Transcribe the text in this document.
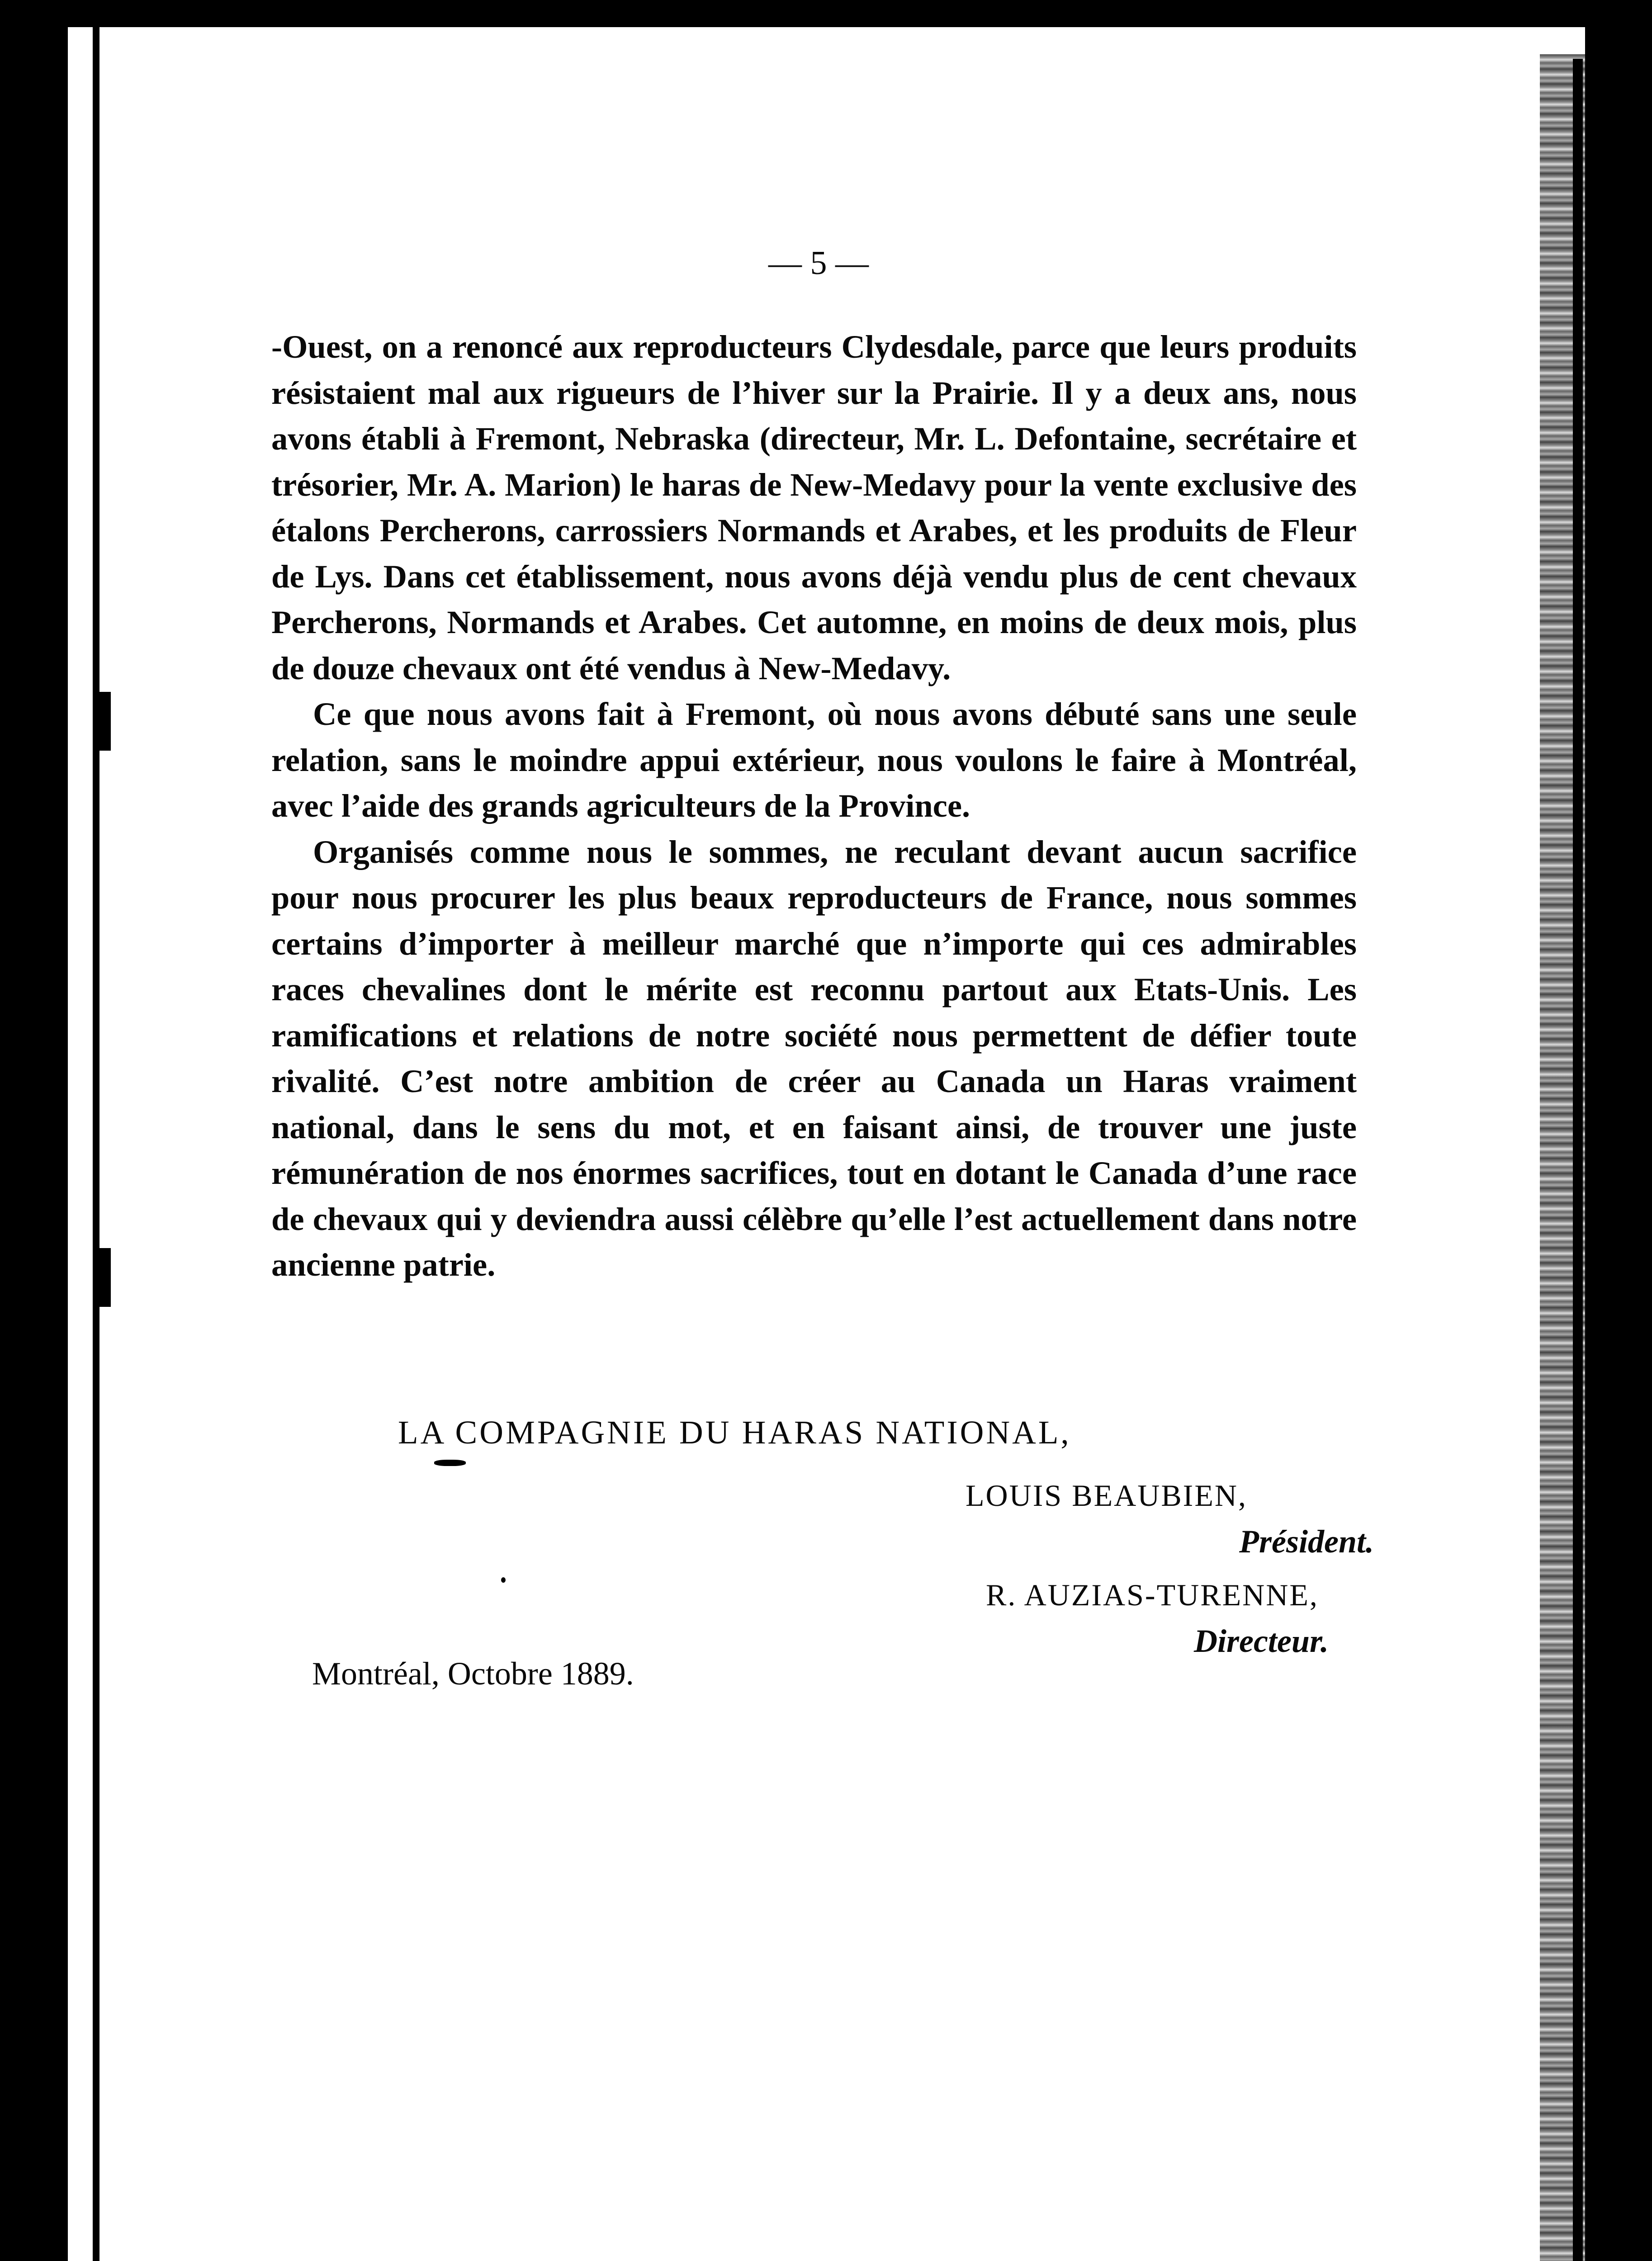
— 5 —

-Ouest, on a renoncé aux reproducteurs Clydesdale, parce que leurs produits résistaient mal aux rigueurs de l’hiver sur la Prairie. Il y a deux ans, nous avons établi à Fremont, Nebraska (directeur, Mr. L. Defontaine, secrétaire et trésorier, Mr. A. Marion) le haras de New-Medavy pour la vente exclusive des étalons Percherons, carrossiers Normands et Arabes, et les produits de Fleur de Lys. Dans cet établissement, nous avons déjà vendu plus de cent chevaux Percherons, Normands et Arabes. Cet automne, en moins de deux mois, plus de douze chevaux ont été vendus à New-Medavy.

Ce que nous avons fait à Fremont, où nous avons débuté sans une seule relation, sans le moindre appui extérieur, nous voulons le faire à Montréal, avec l’aide des grands agriculteurs de la Province.

Organisés comme nous le sommes, ne reculant devant aucun sacrifice pour nous procurer les plus beaux reproducteurs de France, nous sommes certains d’importer à meilleur marché que n’importe qui ces admirables races chevalines dont le mérite est reconnu partout aux Etats-Unis. Les ramifications et relations de notre société nous permettent de défier toute rivalité. C’est notre ambition de créer au Canada un Haras vraiment national, dans le sens du mot, et en faisant ainsi, de trouver une juste rémunération de nos énormes sacrifices, tout en dotant le Canada d’une race de chevaux qui y deviendra aussi célèbre qu’elle l’est actuellement dans notre ancienne patrie.

LA COMPAGNIE DU HARAS NATIONAL,
LOUIS BEAUBIEN,
Président.
R. AUZIAS-TURENNE,
Directeur.
Montréal, Octobre 1889.
